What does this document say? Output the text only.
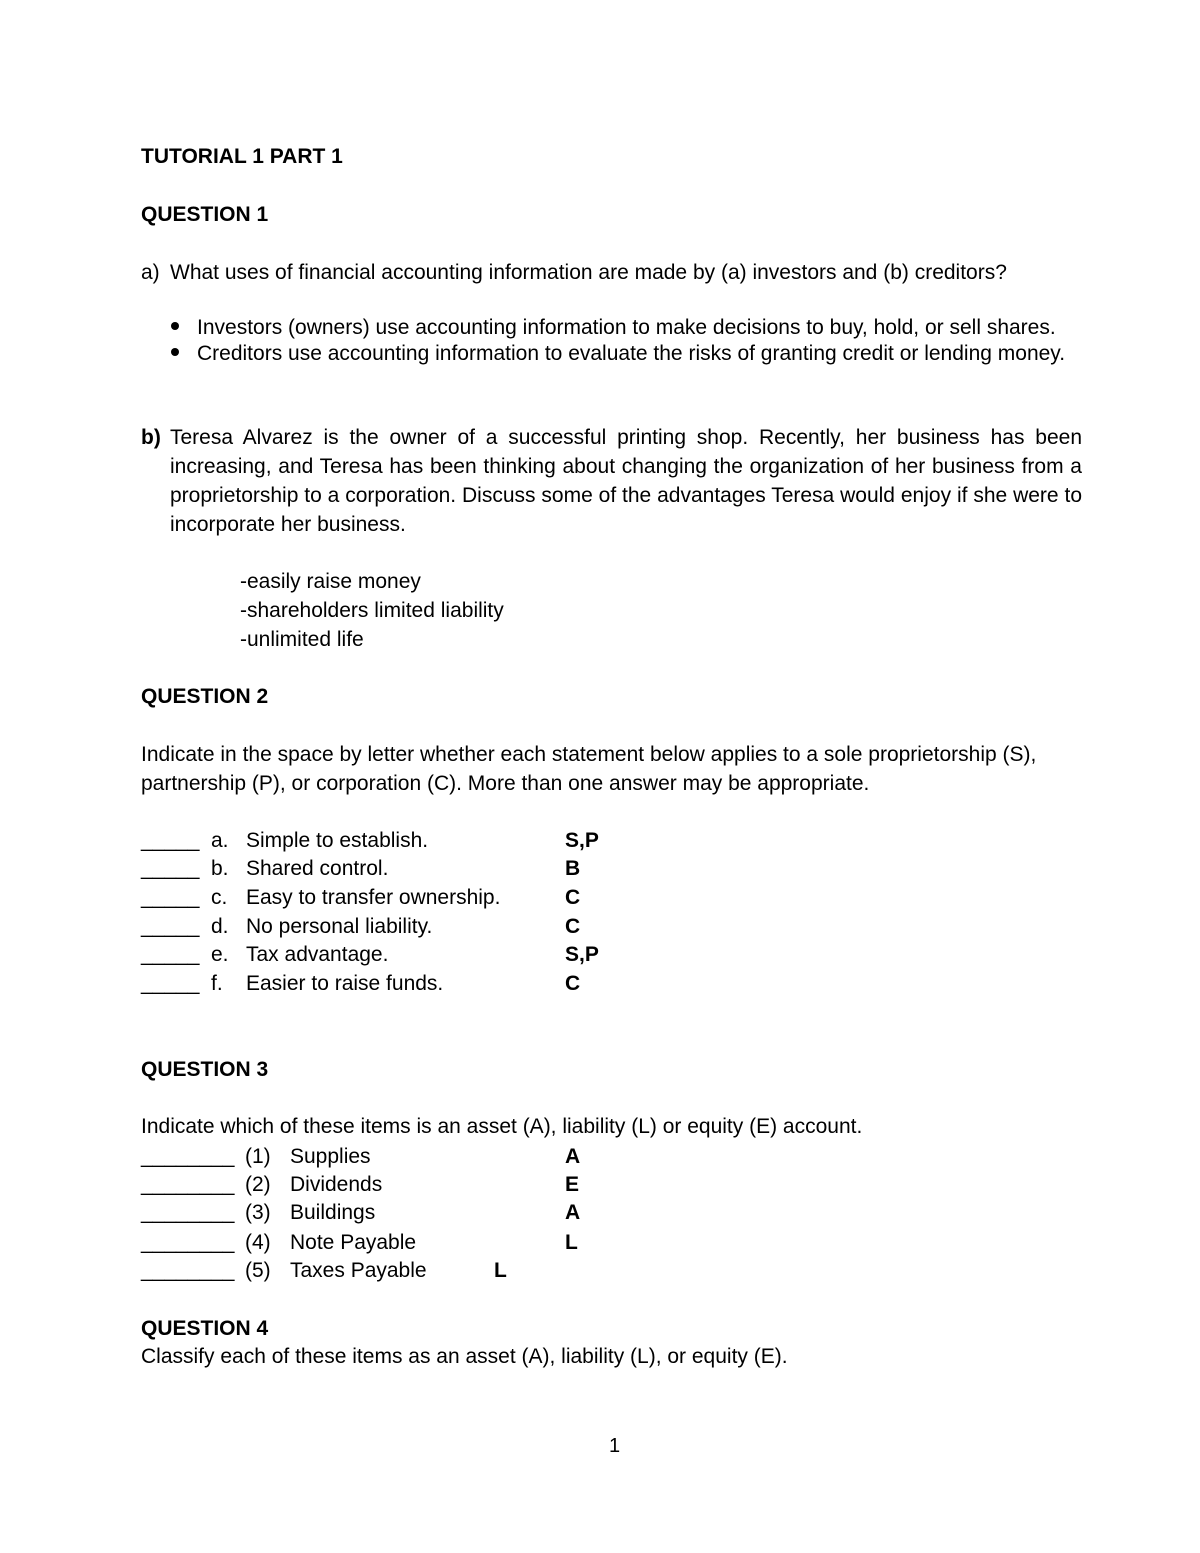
TUTORIAL 1 PART 1
QUESTION 1
a) What uses of financial accounting information are made by (a) investors and (b) creditors?
Investors (owners) use accounting information to make decisions to buy, hold, or sell shares.
Creditors use accounting information to evaluate the risks of granting credit or lending money.
b) Teresa Alvarez is the owner of a successful printing shop. Recently, her business has been increasing, and Teresa has been thinking about changing the organization of her business from a proprietorship to a corporation. Discuss some of the advantages Teresa would enjoy if she were to incorporate her business.
-easily raise money
-shareholders limited liability
-unlimited life
QUESTION 2
Indicate in the space by letter whether each statement below applies to a sole proprietorship (S), partnership (P), or corporation (C). More than one answer may be appropriate.
_____ a. Simple to establish.	S,P
_____ b. Shared control.	B
_____ c. Easy to transfer ownership.	C
_____ d. No personal liability.	C
_____ e. Tax advantage.	S,P
_____ f. Easier to raise funds.	C
QUESTION 3
Indicate which of these items is an asset (A), liability (L) or equity (E) account.
________ (1) Supplies	A
________ (2) Dividends	E
________ (3) Buildings	A
________ (4) Note Payable	L
________ (5) Taxes Payable	L
QUESTION 4
Classify each of these items as an asset (A), liability (L), or equity (E).
1
